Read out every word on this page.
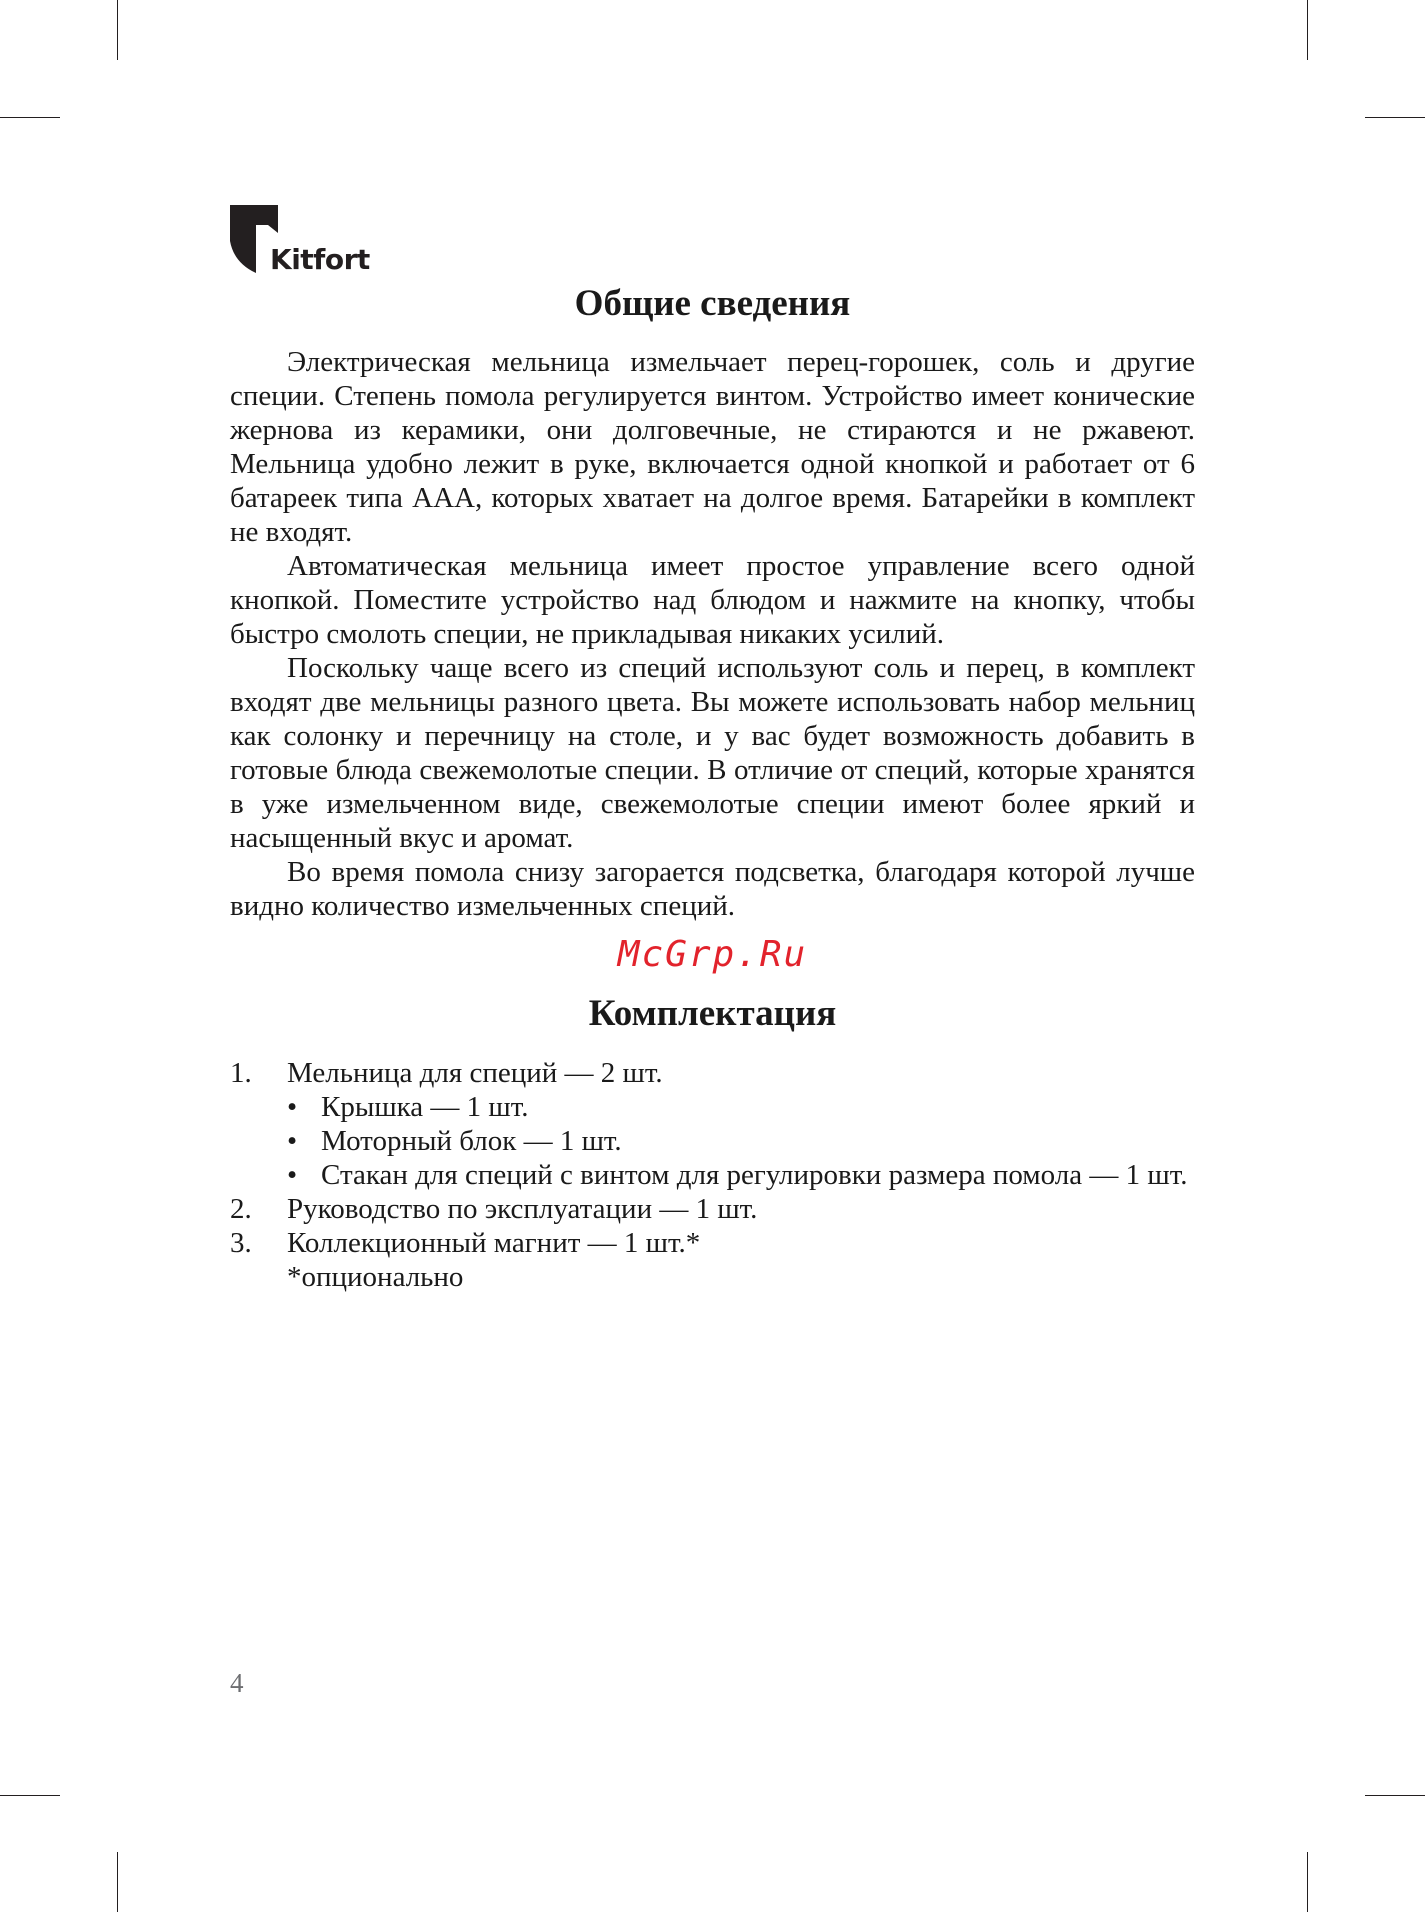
Kitfort
Общие сведения

Электрическая мельница измельчает перец-горошек, соль и другие специи. Степень помола регулируется винтом. Устройство имеет конические жернова из керамики, они долговечные, не стираются и не ржавеют. Мельница удобно лежит в руке, включается одной кнопкой и работает от 6 батареек типа AAA, которых хватает на долгое время. Батарейки в комплект не входят.

Автоматическая мельница имеет простое управление всего одной кнопкой. Поместите устройство над блюдом и нажмите на кнопку, чтобы быстро смолоть специи, не прикладывая никаких усилий.

Поскольку чаще всего из специй используют соль и перец, в комплект входят две мельницы разного цвета. Вы можете использовать набор мельниц как солонку и перечницу на столе, и у вас будет возможность добавить в готовые блюда свежемолотые специи. В отличие от специй, которые хранятся в уже измельченном виде, свежемолотые специи имеют более яркий и насыщенный вкус и аромат.

Во время помола снизу загорается подсветка, благодаря которой лучше видно количество измельченных специй.

McGrp.Ru
Комплектация
1. Мельница для специй — 2 шт.
• Крышка — 1 шт.
• Моторный блок — 1 шт.
• Стакан для специй с винтом для регулировки размера помола — 1 шт.
2. Руководство по эксплуатации — 1 шт.
3. Коллекционный магнит — 1 шт.*
*опционально
4
